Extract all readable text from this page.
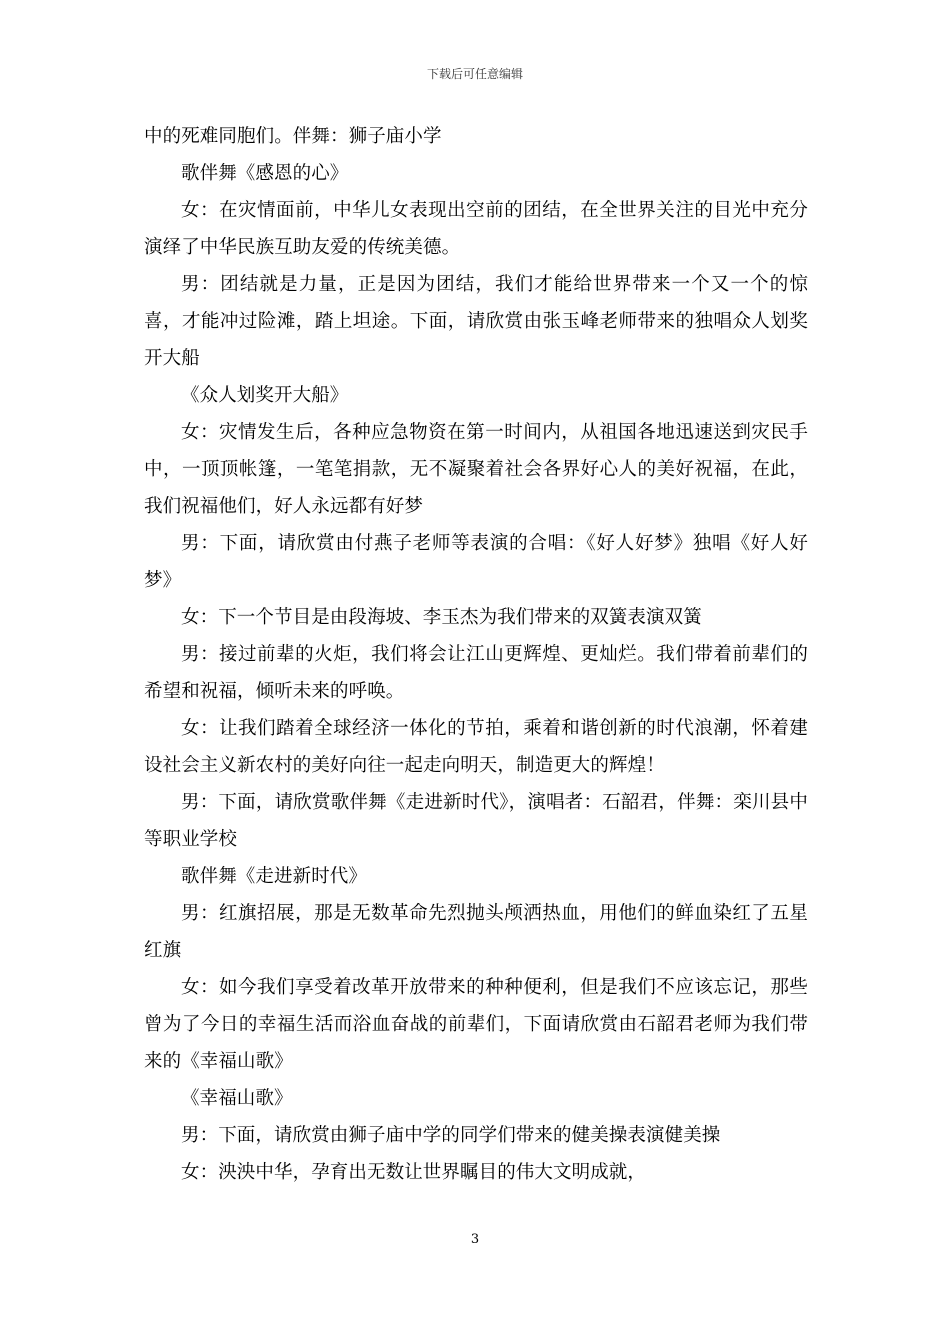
下载后可任意编辑

中的死难同胞们。伴舞：狮子庙小学

歌伴舞《感恩的心》

女：在灾情面前，中华儿女表现出空前的团结，在全世界关注的目光中充分演绎了中华民族互助友爱的传统美德。

男：团结就是力量，正是因为团结，我们才能给世界带来一个又一个的惊喜，才能冲过险滩，踏上坦途。下面，请欣赏由张玉峰老师带来的独唱众人划奖开大船

《众人划奖开大船》

女：灾情发生后，各种应急物资在第一时间内，从祖国各地迅速送到灾民手中，一顶顶帐篷，一笔笔捐款，无不凝聚着社会各界好心人的美好祝福，在此，我们祝福他们，好人永远都有好梦

男：下面，请欣赏由付燕子老师等表演的合唱：《好人好梦》独唱《好人好梦》

女：下一个节目是由段海坡、李玉杰为我们带来的双簧表演双簧

男：接过前辈的火炬，我们将会让江山更辉煌、更灿烂。我们带着前辈们的希望和祝福，倾听未来的呼唤。

女：让我们踏着全球经济一体化的节拍，乘着和谐创新的时代浪潮，怀着建设社会主义新农村的美好向往一起走向明天，制造更大的辉煌！

男：下面，请欣赏歌伴舞《走进新时代》，演唱者：石韶君，伴舞：栾川县中等职业学校

歌伴舞《走进新时代》

男：红旗招展，那是无数革命先烈抛头颅洒热血，用他们的鲜血染红了五星红旗

女：如今我们享受着改革开放带来的种种便利，但是我们不应该忘记，那些曾为了今日的幸福生活而浴血奋战的前辈们，下面请欣赏由石韶君老师为我们带来的《幸福山歌》

《幸福山歌》

男：下面，请欣赏由狮子庙中学的同学们带来的健美操表演健美操

女：泱泱中华，孕育出无数让世界瞩目的伟大文明成就，

3
